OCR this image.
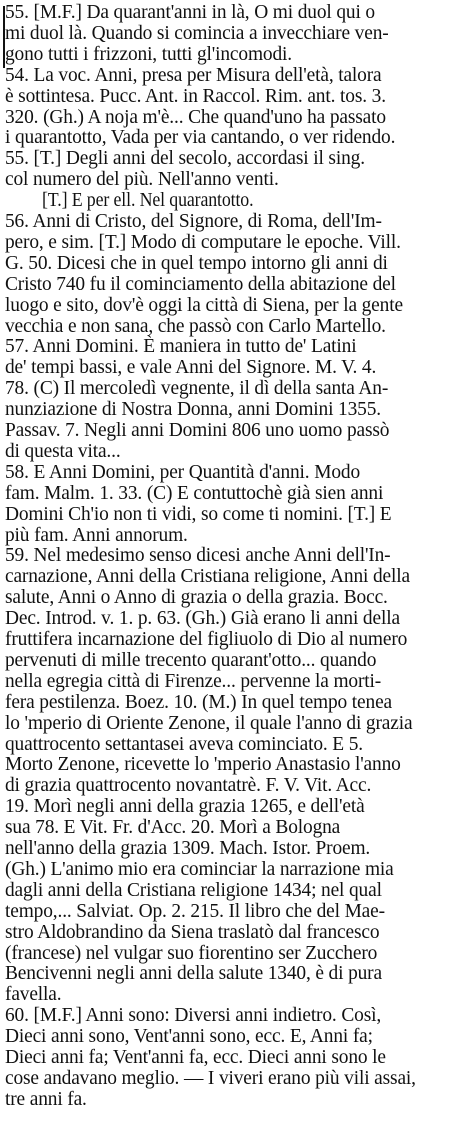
55. [M.F.] Da quarant'anni in là, O mi duol qui o
mi duol là. Quando si comincia a invecchiare ven-
gono tutti i frizzoni, tutti gl'incomodi.
54. La voc. Anni, presa per Misura dell'età, talora
è sottintesa. Pucc. Ant. in Raccol. Rim. ant. tos. 3.
320. (Gh.) A noja m'è... Che quand'uno ha passato
i quarantotto, Vada per via cantando, o ver ridendo.
55. [T.] Degli anni del secolo, accordasi il sing.
col numero del più. Nell'anno venti.
[T.] E per ell. Nel quarantotto.
56. Anni di Cristo, del Signore, di Roma, dell'Im-
pero, e sim. [T.] Modo di computare le epoche. Vill.
G. 50. Dicesi che in quel tempo intorno gli anni di
Cristo 740 fu il cominciamento della abitazione del
luogo e sito, dov'è oggi la città di Siena, per la gente
vecchia e non sana, che passò con Carlo Martello.
57. Anni Domini. È maniera in tutto de' Latini
de' tempi bassi, e vale Anni del Signore. M. V. 4.
78. (C) Il mercoledì vegnente, il dì della santa An-
nunziazione di Nostra Donna, anni Domini 1355.
Passav. 7. Negli anni Domini 806 uno uomo passò
di questa vita...
58. E Anni Domini, per Quantità d'anni. Modo
fam. Malm. 1. 33. (C) E contuttochè già sien anni
Domini Ch'io non ti vidi, so come ti nomini. [T.] E
più fam. Anni annorum.
59. Nel medesimo senso dicesi anche Anni dell'In-
carnazione, Anni della Cristiana religione, Anni della
salute, Anni o Anno di grazia o della grazia. Bocc.
Dec. Introd. v. 1. p. 63. (Gh.) Già erano li anni della
fruttifera incarnazione del figliuolo di Dio al numero
pervenuti di mille trecento quarant'otto... quando
nella egregia città di Firenze... pervenne la morti-
fera pestilenza. Boez. 10. (M.) In quel tempo tenea
lo 'mperio di Oriente Zenone, il quale l'anno di grazia
quattrocento settantasei aveva cominciato. E 5.
Morto Zenone, ricevette lo 'mperio Anastasio l'anno
di grazia quattrocento novantatrè. F. V. Vit. Acc.
19. Morì negli anni della grazia 1265, e dell'età
sua 78. E Vit. Fr. d'Acc. 20. Morì a Bologna
nell'anno della grazia 1309. Mach. Istor. Proem.
(Gh.) L'animo mio era cominciar la narrazione mia
dagli anni della Cristiana religione 1434; nel qual
tempo,... Salviat. Op. 2. 215. Il libro che del Mae-
stro Aldobrandino da Siena traslatò dal francesco
(francese) nel vulgar suo fiorentino ser Zucchero
Bencivenni negli anni della salute 1340, è di pura
favella.
60. [M.F.] Anni sono: Diversi anni indietro. Così,
Dieci anni sono, Vent'anni sono, ecc. E, Anni fa;
Dieci anni fa; Vent'anni fa, ecc. Dieci anni sono le
cose andavano meglio. — I viveri erano più vili assai,
tre anni fa.
